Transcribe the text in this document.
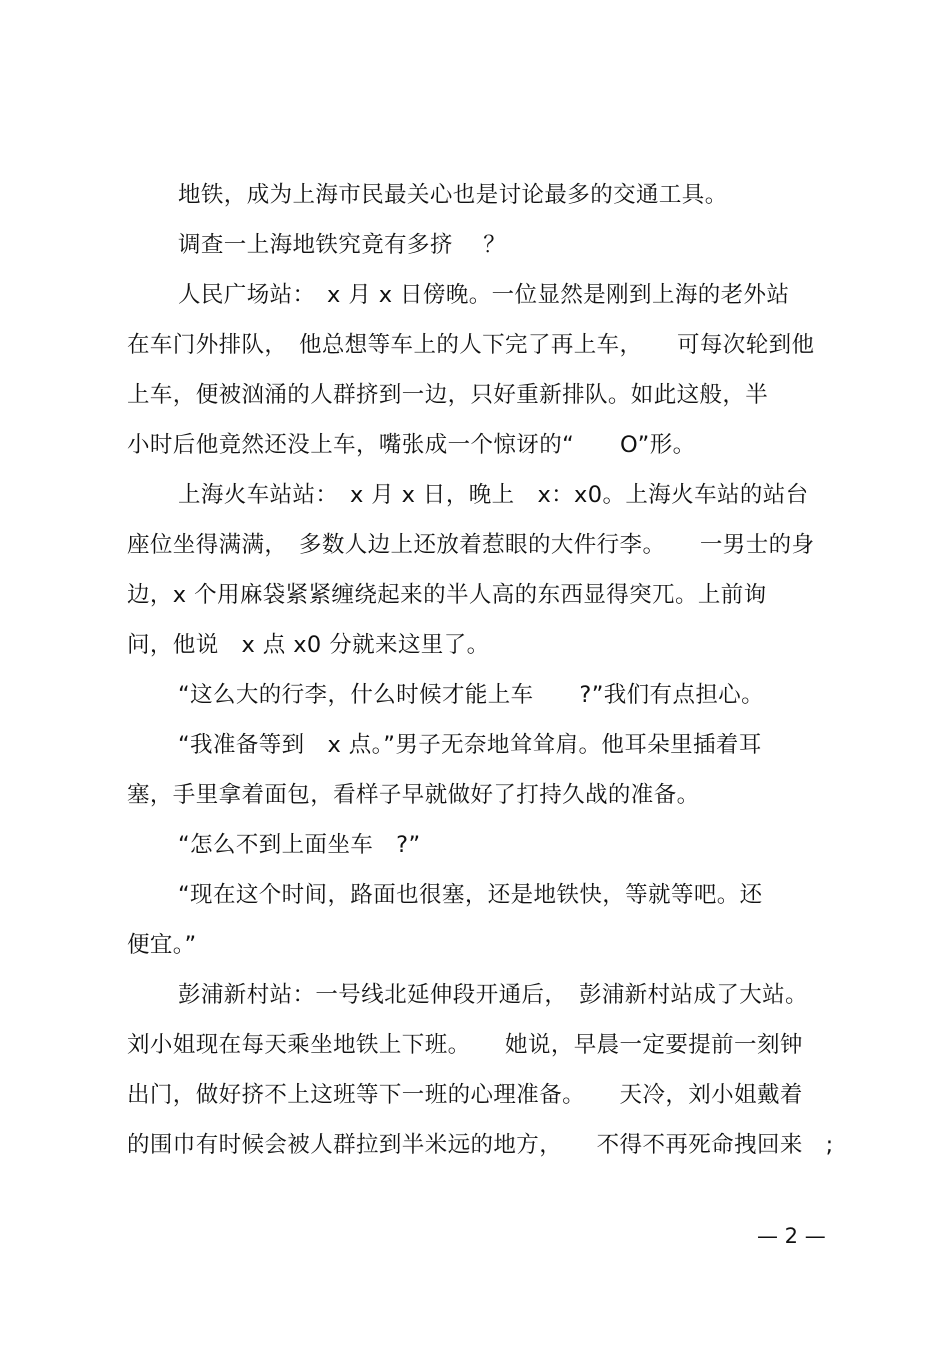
地铁，成为上海市民最关心也是讨论最多的交通工具。
调查一上海地铁究竟有多挤　 ？
人民广场站：　x 月 x 日傍晚。一位显然是刚到上海的老外站
在车门外排队，　他总想等车上的人下完了再上车，　　可每次轮到他
上车，便被汹涌的人群挤到一边，只好重新排队。如此这般，半
小时后他竟然还没上车，嘴张成一个惊讶的“　　O”形。
上海火车站站：　x 月 x 日，晚上　x：x0。上海火车站的站台
座位坐得满满，　多数人边上还放着惹眼的大件行李。　　一男士的身
边，x 个用麻袋紧紧缠绕起来的半人高的东西显得突兀。上前询
问，他说　x 点 x0 分就来这里了。
“这么大的行李，什么时候才能上车　　?”我们有点担心。
“我准备等到　x 点。”男子无奈地耸耸肩。他耳朵里插着耳
塞，手里拿着面包，看样子早就做好了打持久战的准备。
“怎么不到上面坐车　?”
“现在这个时间，路面也很塞，还是地铁快，等就等吧。还
便宜。”
彭浦新村站：一号线北延伸段开通后，　彭浦新村站成了大站。
刘小姐现在每天乘坐地铁上下班。　　她说，早晨一定要提前一刻钟
出门，做好挤不上这班等下一班的心理准备。　　天冷，刘小姐戴着
的围巾有时候会被人群拉到半米远的地方，　　不得不再死命拽回来　;
— 2 —
